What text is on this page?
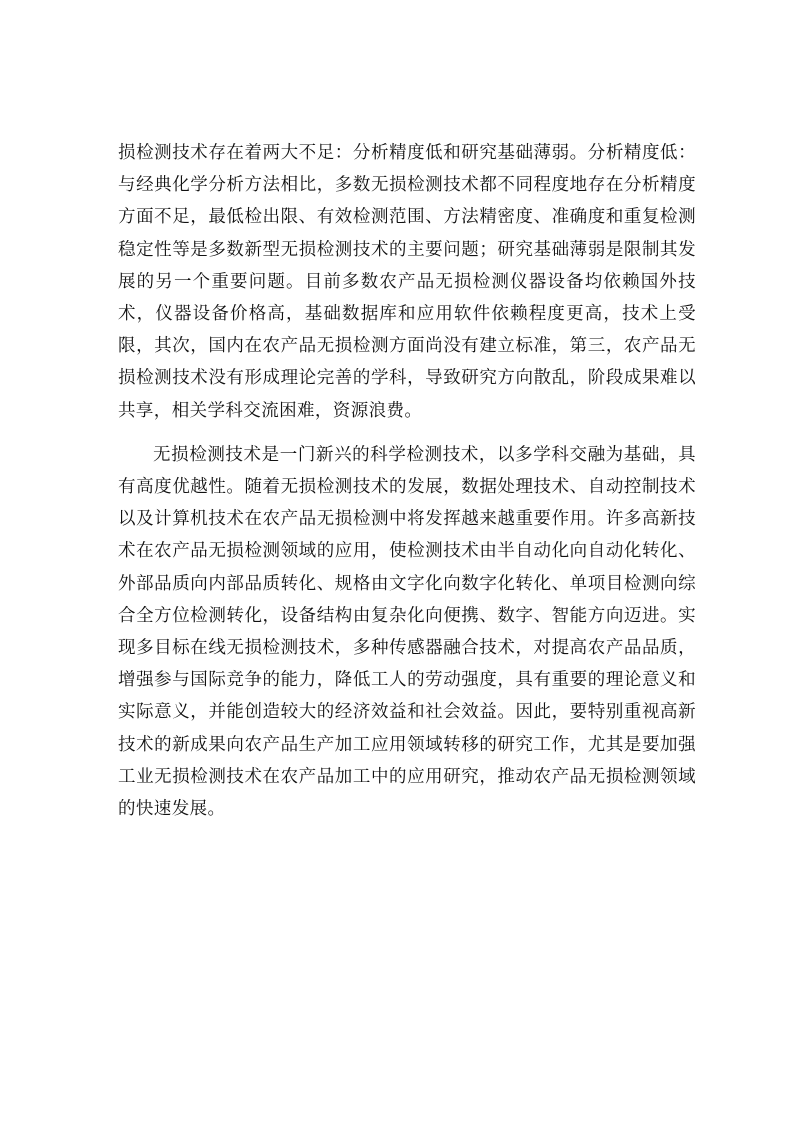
损检测技术存在着两大不足：分析精度低和研究基础薄弱。分析精度低：与经典化学分析方法相比，多数无损检测技术都不同程度地存在分析精度方面不足，最低检出限、有效检测范围、方法精密度、准确度和重复检测稳定性等是多数新型无损检测技术的主要问题；研究基础薄弱是限制其发展的另一个重要问题。目前多数农产品无损检测仪器设备均依赖国外技术，仪器设备价格高，基础数据库和应用软件依赖程度更高，技术上受限，其次，国内在农产品无损检测方面尚没有建立标准，第三，农产品无损检测技术没有形成理论完善的学科，导致研究方向散乱，阶段成果难以共享，相关学科交流困难，资源浪费。

无损检测技术是一门新兴的科学检测技术，以多学科交融为基础，具有高度优越性。随着无损检测技术的发展，数据处理技术、自动控制技术以及计算机技术在农产品无损检测中将发挥越来越重要作用。许多高新技术在农产品无损检测领域的应用，使检测技术由半自动化向自动化转化、外部品质向内部品质转化、规格由文字化向数字化转化、单项目检测向综合全方位检测转化，设备结构由复杂化向便携、数字、智能方向迈进。实现多目标在线无损检测技术，多种传感器融合技术，对提高农产品品质，增强参与国际竞争的能力，降低工人的劳动强度，具有重要的理论意义和实际意义，并能创造较大的经济效益和社会效益。因此，要特别重视高新技术的新成果向农产品生产加工应用领域转移的研究工作，尤其是要加强工业无损检测技术在农产品加工中的应用研究，推动农产品无损检测领域的快速发展。
